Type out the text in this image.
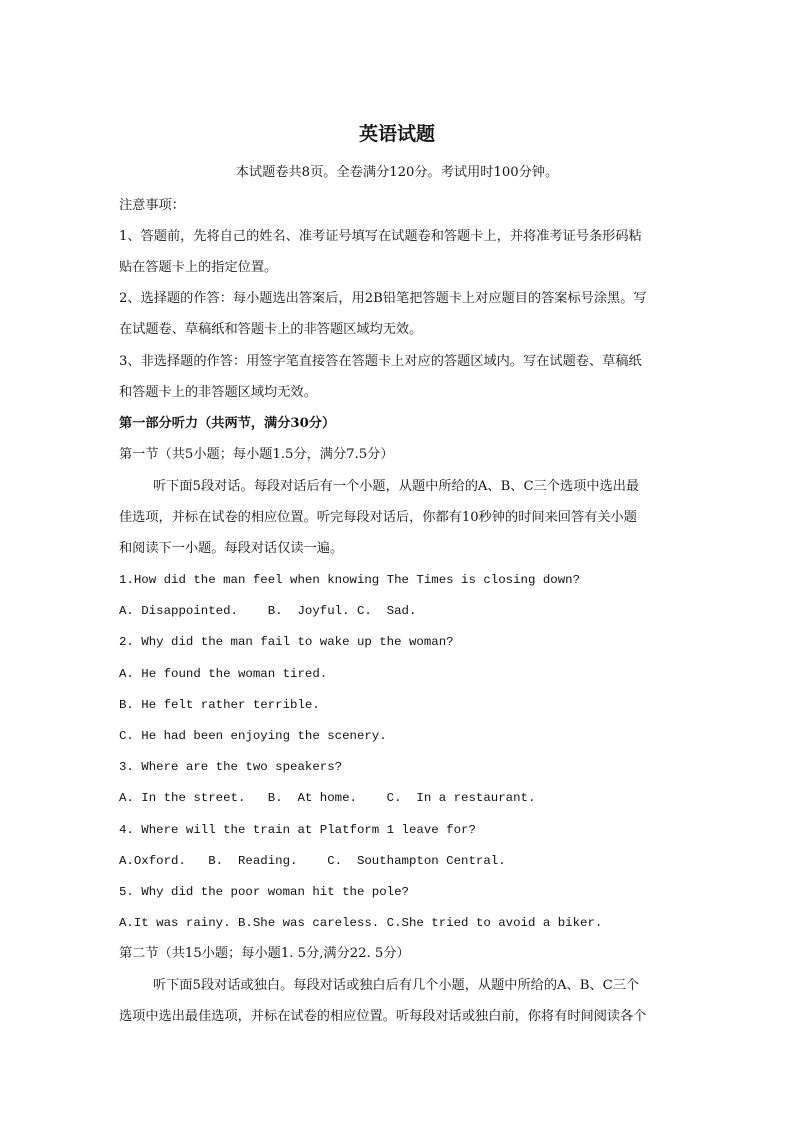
英语试题
本试题卷共8页。全卷满分120分。考试用时100分钟。
注意事项：
1、答题前，先将自己的姓名、准考证号填写在试题卷和答题卡上，并将准考证号条形码粘
贴在答题卡上的指定位置。
2、选择题的作答：每小题选出答案后，用2B铅笔把答题卡上对应题目的答案标号涂黑。写
在试题卷、草稿纸和答题卡上的非答题区域均无效。
3、非选择题的作答：用签字笔直接答在答题卡上对应的答题区域内。写在试题卷、草稿纸
和答题卡上的非答题区域均无效。
第一部分听力（共两节，满分30分）
第一节（共5小题；每小题1.5分，满分7.5分）
听下面5段对话。每段对话后有一个小题，从题中所给的A、B、C三个选项中选出最
佳选项，并标在试卷的相应位置。听完每段对话后，你都有10秒钟的时间来回答有关小题
和阅读下一小题。每段对话仅读一遍。
1.How did the man feel when knowing The Times is closing down?
A. Disappointed.    B.  Joyful. C.  Sad.
2. Why did the man fail to wake up the woman?
A. He found the woman tired.
B. He felt rather terrible.
C. He had been enjoying the scenery.
3. Where are the two speakers?
A. In the street.   B.  At home.    C.  In a restaurant.
4. Where will the train at Platform 1 leave for?
A.Oxford.   B.  Reading.    C.  Southampton Central.
5. Why did the poor woman hit the pole?
A.It was rainy. B.She was careless. C.She tried to avoid a biker.
第二节（共15小题；每小题1. 5分,满分22. 5分）
听下面5段对话或独白。每段对话或独白后有几个小题，从题中所给的A、B、C三个
选项中选出最佳选项，并标在试卷的相应位置。听每段对话或独白前，你将有时间阅读各个
